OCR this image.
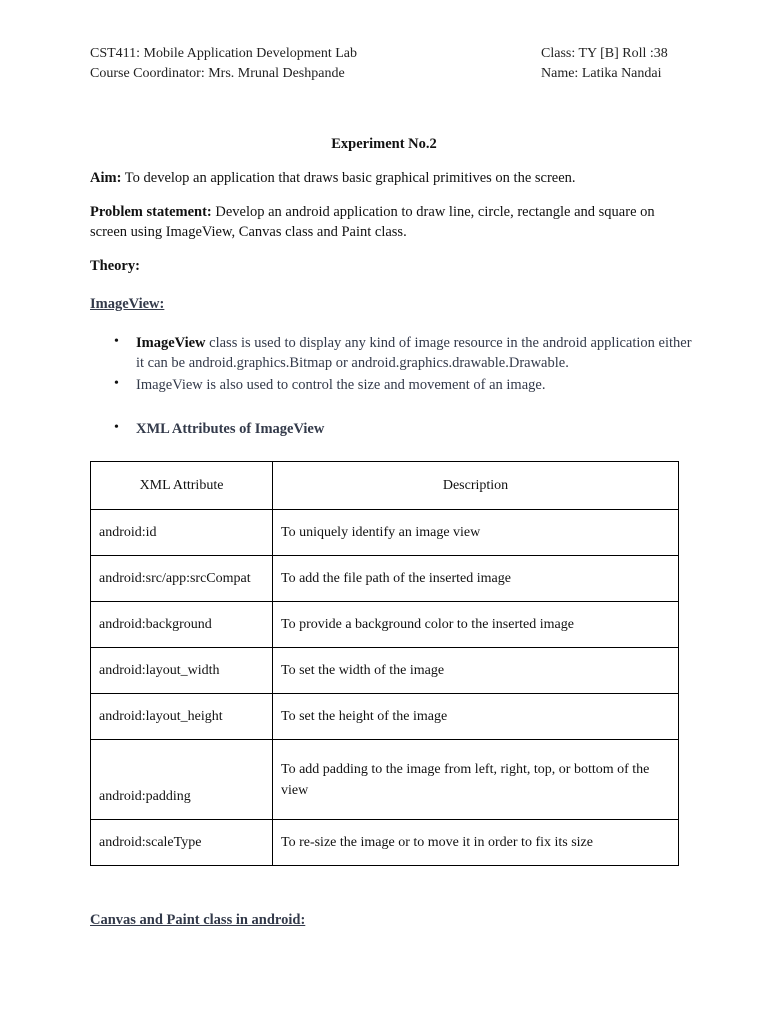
CST411: Mobile Application Development Lab
Course Coordinator: Mrs. Mrunal Deshpande
Class: TY [B] Roll :38
Name: Latika Nandai
Experiment No.2
Aim: To develop an application that draws basic graphical primitives on the screen.
Problem statement: Develop an android application to draw line, circle, rectangle and square on screen using ImageView, Canvas class and Paint class.
Theory:
ImageView:
• ImageView class is used to display any kind of image resource in the android application either it can be android.graphics.Bitmap or android.graphics.drawable.Drawable.
• ImageView is also used to control the size and movement of an image.
• XML Attributes of ImageView
XML Attribute	Description
android:id	To uniquely identify an image view
android:src/app:srcCompat	To add the file path of the inserted image
android:background	To provide a background color to the inserted image
android:layout_width	To set the width of the image
android:layout_height	To set the height of the image
android:padding	To add padding to the image from left, right, top, or bottom of the view
android:scaleType	To re-size the image or to move it in order to fix its size
Canvas and Paint class in android:
